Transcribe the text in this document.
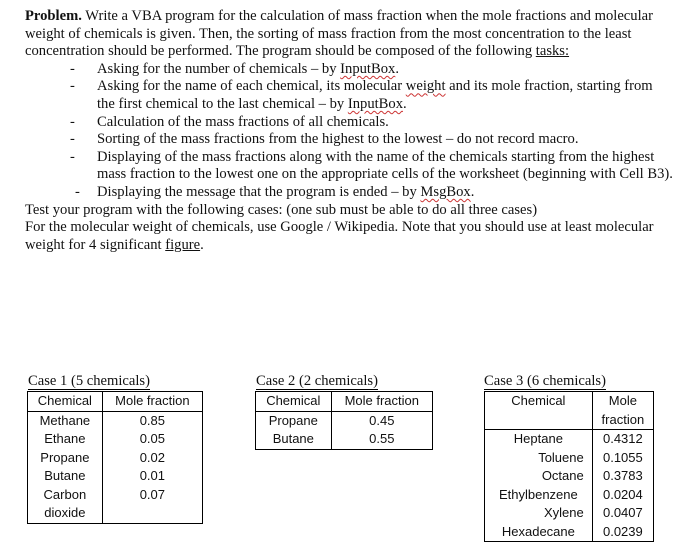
Problem. Write a VBA program for the calculation of mass fraction when the mole fractions and molecular weight of chemicals is given. Then, the sorting of mass fraction from the most concentration to the least concentration should be performed. The program should be composed of the following tasks:

- Asking for the number of chemicals – by InputBox.
- Asking for the name of each chemical, its molecular weight and its mole fraction, starting from the first chemical to the last chemical – by InputBox.
- Calculation of the mass fractions of all chemicals.
- Sorting of the mass fractions from the highest to the lowest – do not record macro.
- Displaying of the mass fractions along with the name of the chemicals starting from the highest mass fraction to the lowest one on the appropriate cells of the worksheet (beginning with Cell B3).
- Displaying the message that the program is ended – by MsgBox.

Test your program with the following cases: (one sub must be able to do all three cases)

For the molecular weight of chemicals, use Google / Wikipedia. Note that you should use at least molecular weight for 4 significant figure.

Case 1 (5 chemicals)
Chemical	Mole fraction
Methane	0.85
Ethane	0.05
Propane	0.02
Butane	0.01
Carbon	0.07
dioxide	
Case 2 (2 chemicals)
Chemical	Mole fraction
Propane	0.45
Butane	0.55
Case 3 (6 chemicals)
Chemical	Mole
fraction
Heptane	0.4312
Toluene	0.1055
Octane	0.3783
Ethylbenzene	0.0204
Xylene	0.0407
Hexadecane	0.0239
